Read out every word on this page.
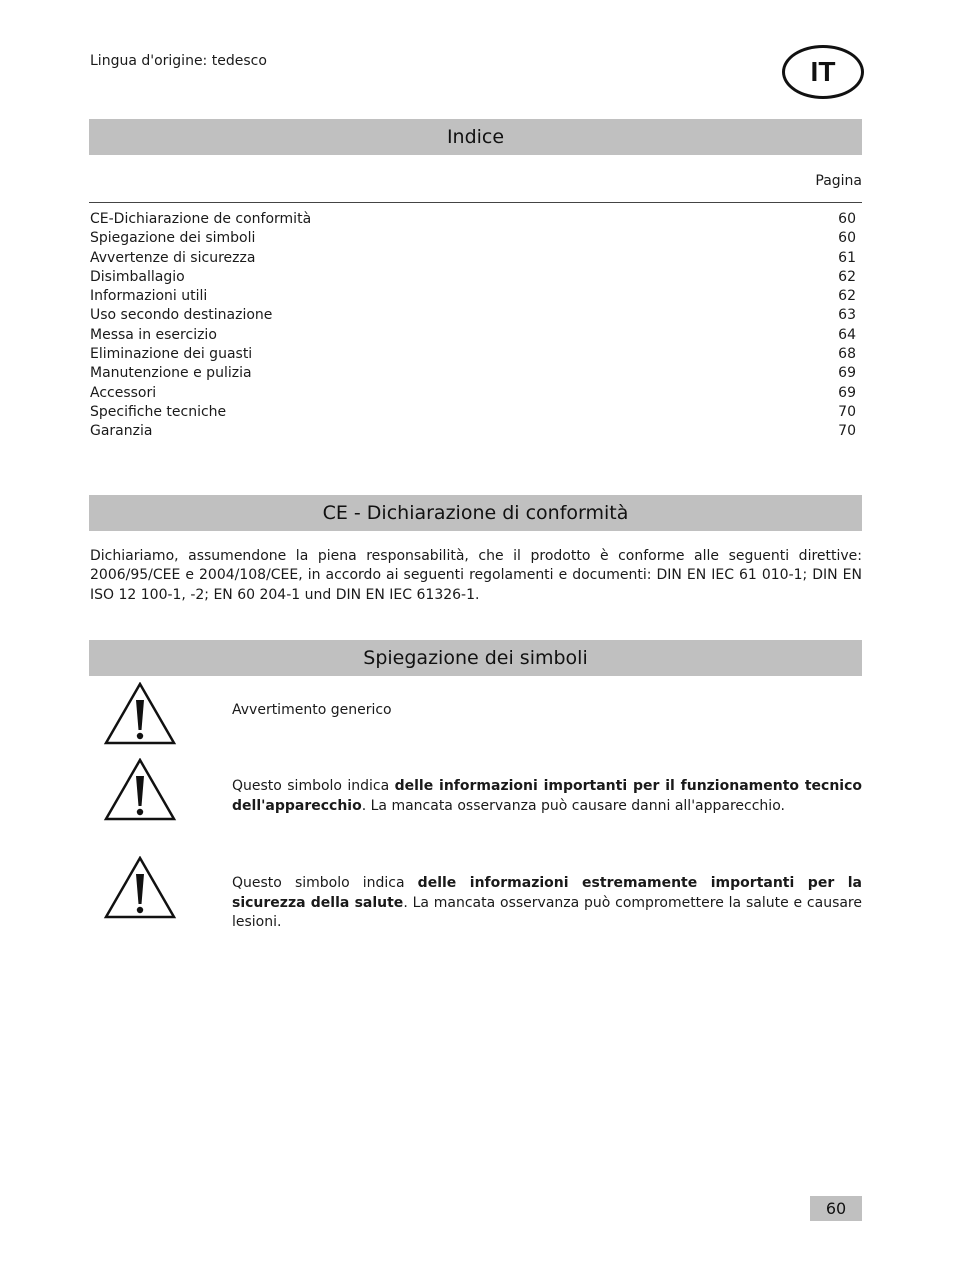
Lingua d'origine: tedesco	IT
Indice
Pagina
CE-Dichiarazione de conformità	60
Spiegazione dei simboli	60
Avvertenze di sicurezza	61
Disimballagio	62
Informazioni utili	62
Uso secondo destinazione	63
Messa in esercizio	64
Eliminazione dei guasti	68
Manutenzione e pulizia	69
Accessori	69
Specifiche tecniche	70
Garanzia	70
CE - Dichiarazione di conformità
Dichiariamo, assumendone la piena responsabilità, che il prodotto è conforme alle seguenti direttive: 2006/95/CEE e 2004/108/CEE, in accordo ai seguenti regolamenti e documenti: DIN EN IEC 61 010-1; DIN EN ISO 12 100-1, -2; EN 60 204-1 und DIN EN IEC 61326-1.
Spiegazione dei simboli
Avvertimento generico
Questo simbolo indica delle informazioni importanti per il funzionamento tecnico dell'apparecchio. La mancata osservanza può causare danni all'apparecchio.
Questo simbolo indica delle informazioni estremamente importanti per la sicurezza della salute. La mancata osservanza può compromettere la salute e causare lesioni.
60
